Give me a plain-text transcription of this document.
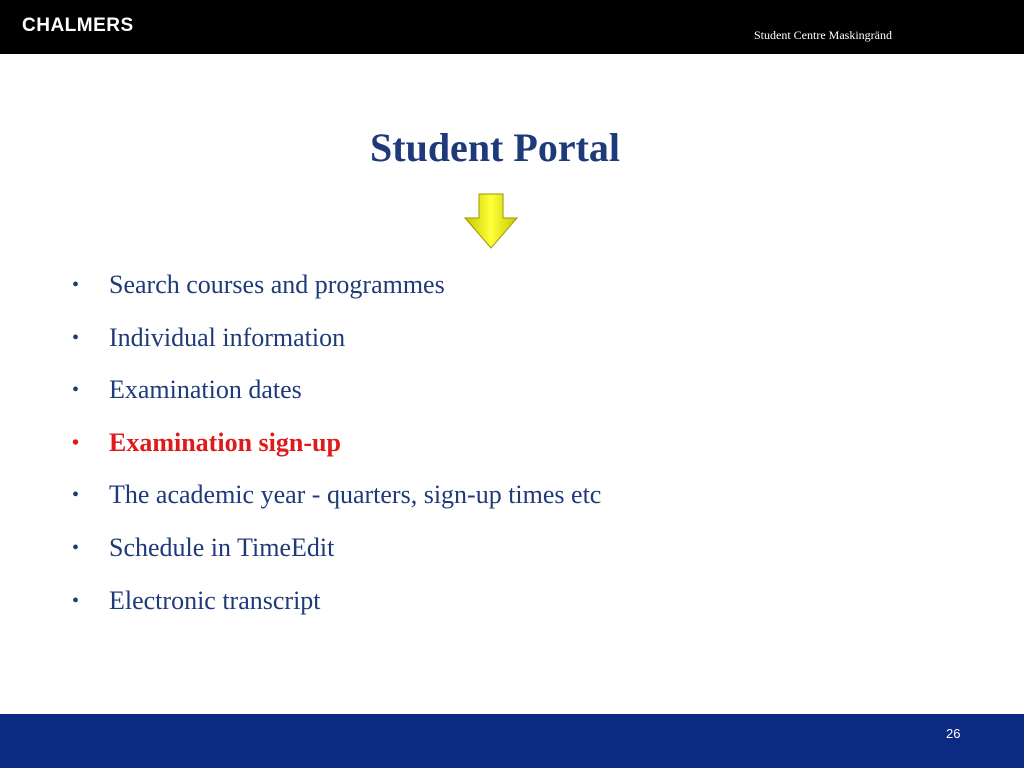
CHALMERS	Student Centre Maskingränd
Student Portal
• Search courses and programmes
• Individual information
• Examination dates
• Examination sign-up
• The academic year - quarters, sign-up times etc
• Schedule in TimeEdit
• Electronic transcript
26
